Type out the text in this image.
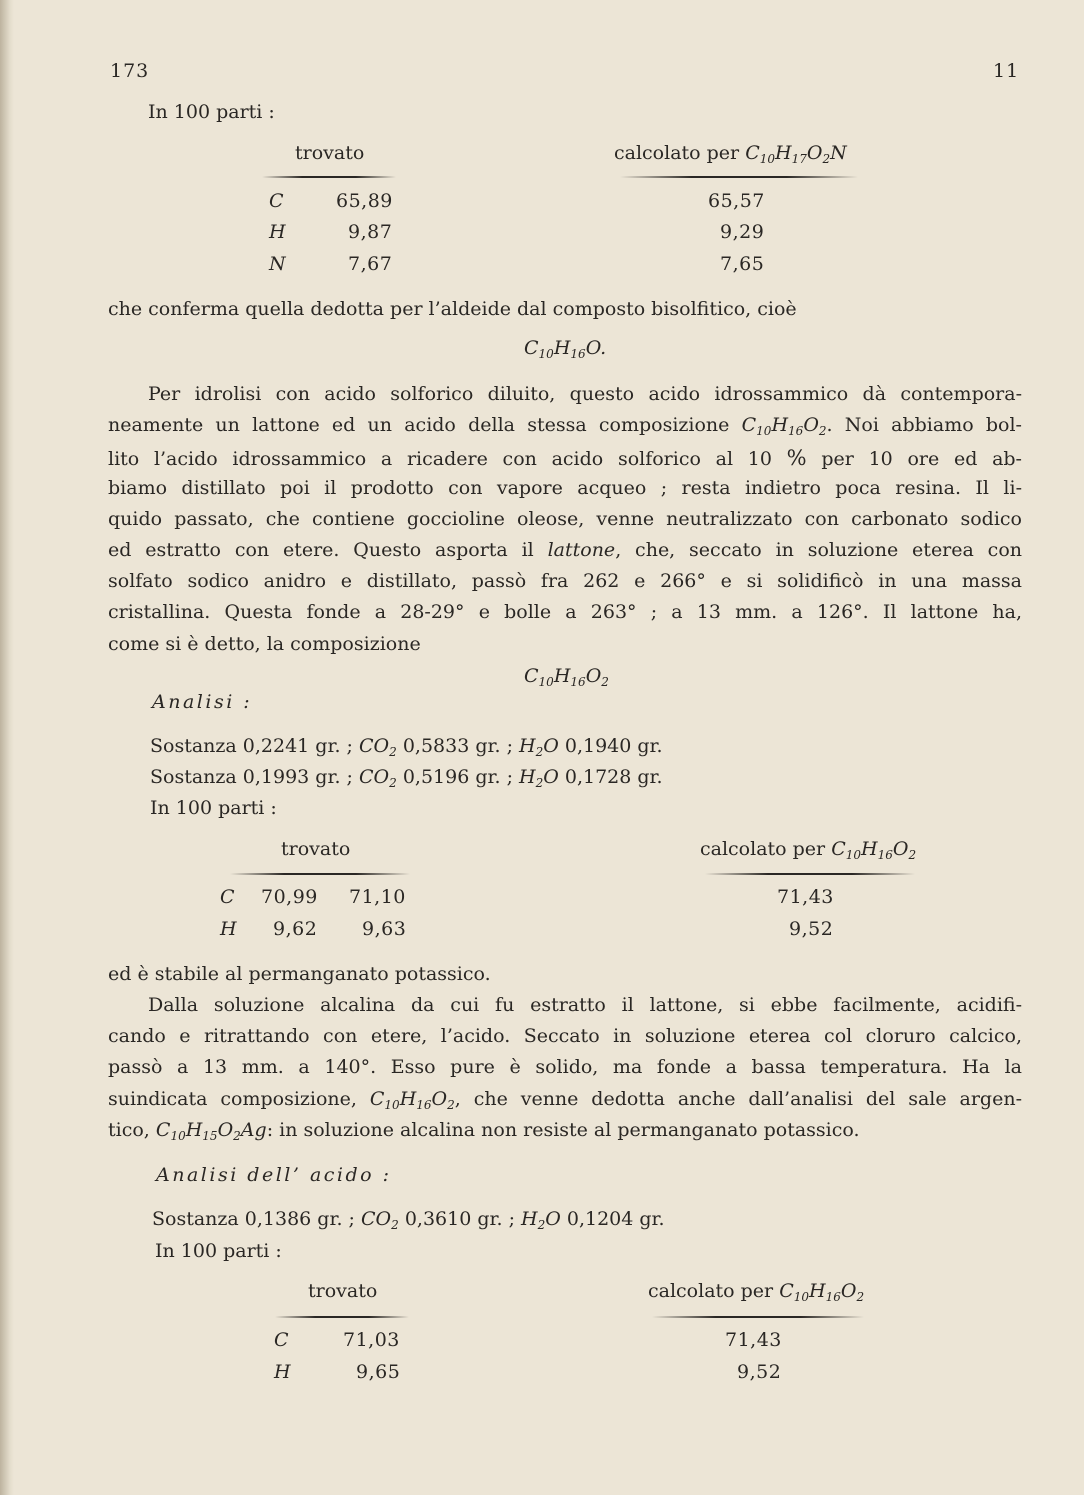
173	11
In 100 parti :
trovato	calcolato per $C_{10}H_{17}O_2N$
C	65,89	65,57
H	9,87	9,29
N	7,67	7,65
che conferma quella dedotta per l’aldeide dal composto bisolfitico, cioè
$C_{10}H_{16}O$.
Per idrolisi con acido solforico diluito, questo acido idrossammico dà contempora-
neamente un lattone ed un acido della stessa composizione $C_{10}H_{16}O_2$. Noi abbiamo bol-
lito l’acido idrossammico a ricadere con acido solforico al 10 % per 10 ore ed ab-
biamo distillato poi il prodotto con vapore acqueo ; resta indietro poca resina. Il li-
quido passato, che contiene goccioline oleose, venne neutralizzato con carbonato sodico
ed estratto con etere. Questo asporta il lattone, che, seccato in soluzione eterea con
solfato sodico anidro e distillato, passò fra 262 e 266° e si solidificò in una massa
cristallina. Questa fonde a 28-29° e bolle a 263° ; a 13 mm. a 126°. Il lattone ha,
come si è detto, la composizione
$C_{10}H_{16}O_2$
Analisi :
Sostanza 0,2241 gr. ; $CO_2$ 0,5833 gr. ; $H_2O$ 0,1940 gr.
Sostanza 0,1993 gr. ; $CO_2$ 0,5196 gr. ; $H_2O$ 0,1728 gr.
In 100 parti :
trovato	calcolato per $C_{10}H_{16}O_2$
C 70,99 71,10	71,43
H 9,62 9,63	9,52
ed è stabile al permanganato potassico.
Dalla soluzione alcalina da cui fu estratto il lattone, si ebbe facilmente, acidifi-
cando e ritrattando con etere, l’acido. Seccato in soluzione eterea col cloruro calcico,
passò a 13 mm. a 140°. Esso pure è solido, ma fonde a bassa temperatura. Ha la
suindicata composizione, $C_{10}H_{16}O_2$, che venne dedotta anche dall’analisi del sale argen-
tico, $C_{10}H_{15}O_2Ag$: in soluzione alcalina non resiste al permanganato potassico.
Analisi dell’ acido :
Sostanza 0,1386 gr. ; $CO_2$ 0,3610 gr. ; $H_2O$ 0,1204 gr.
In 100 parti :
trovato	calcolato per $C_{10}H_{16}O_2$
C	71,03	71,43
H	9,65	9,52
